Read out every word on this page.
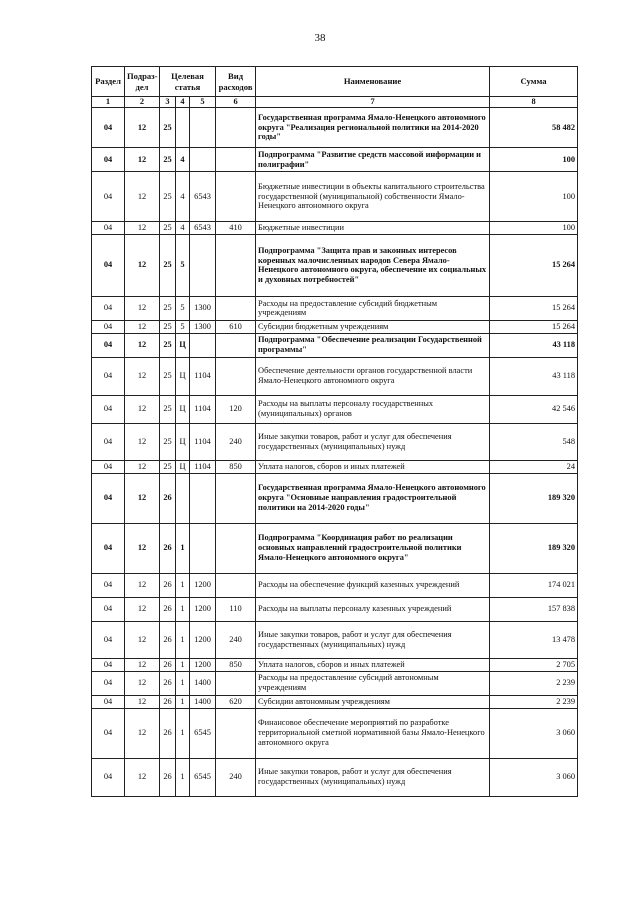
38
Раздел	Подраз-дел	Целевая статья			Вид расходов	Наименование	Сумма
1	2	3	4	5	6	7	8
04	12	25				Государственная программа Ямало-Ненецкого автономного округа "Реализация региональной политики на 2014-2020 годы"	58 482
04	12	25	4			Подпрограмма "Развитие средств массовой информации и полиграфии"	100
04	12	25	4	6543		Бюджетные инвестиции в объекты капитального строительства государственной (муниципальной) собственности Ямало-Ненецкого автономного округа	100
04	12	25	4	6543	410	Бюджетные инвестиции	100
04	12	25	5			Подпрограмма "Защита прав и законных интересов коренных малочисленных народов Севера Ямало-Ненецкого автономного округа, обеспечение их социальных и духовных потребностей"	15 264
04	12	25	5	1300		Расходы на предоставление субсидий бюджетным учреждениям	15 264
04	12	25	5	1300	610	Субсидии бюджетным учреждениям	15 264
04	12	25	Ц			Подпрограмма "Обеспечение реализации Государственной программы"	43 118
04	12	25	Ц	1104		Обеспечение деятельности органов государственной власти Ямало-Ненецкого автономного округа	43 118
04	12	25	Ц	1104	120	Расходы на выплаты персоналу государственных (муниципальных) органов	42 546
04	12	25	Ц	1104	240	Иные закупки товаров, работ и услуг для обеспечения государственных (муниципальных) нужд	548
04	12	25	Ц	1104	850	Уплата налогов, сборов и иных платежей	24
04	12	26				Государственная программа Ямало-Ненецкого автономного округа "Основные направления градостроительной политики на 2014-2020 годы"	189 320
04	12	26	1			Подпрограмма "Координация работ по реализации основных направлений градостроительной политики Ямало-Ненецкого автономного округа"	189 320
04	12	26	1	1200		Расходы на обеспечение функций казенных учреждений	174 021
04	12	26	1	1200	110	Расходы на выплаты персоналу казенных учреждений	157 838
04	12	26	1	1200	240	Иные закупки товаров, работ и услуг для обеспечения государственных (муниципальных) нужд	13 478
04	12	26	1	1200	850	Уплата налогов, сборов и иных платежей	2 705
04	12	26	1	1400		Расходы на предоставление субсидий автономным учреждениям	2 239
04	12	26	1	1400	620	Субсидии автономным учреждениям	2 239
04	12	26	1	6545		Финансовое обеспечение мероприятий по разработке территориальной сметной нормативной базы Ямало-Ненецкого автономного округа	3 060
04	12	26	1	6545	240	Иные закупки товаров, работ и услуг для обеспечения государственных (муниципальных) нужд	3 060
